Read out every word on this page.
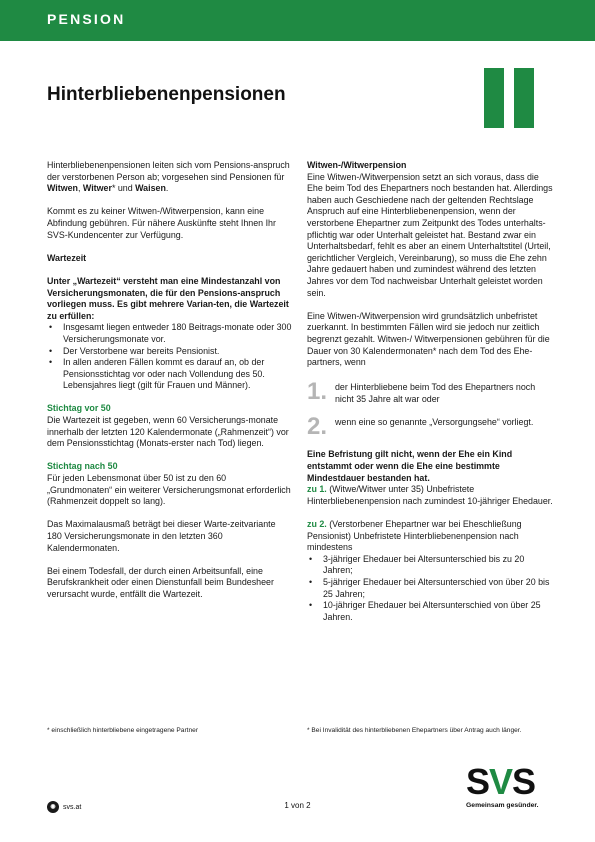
PENSION
Hinterbliebenenpensionen

Hinterbliebenenpensionen leiten sich vom Pensions-anspruch der verstorbenen Person ab; vorgesehen sind Pensionen für Witwen, Witwer* und Waisen.

Kommt es zu keiner Witwen-/Witwerpension, kann eine Abfindung gebühren. Für nähere Auskünfte steht Ihnen Ihr SVS-Kundencenter zur Verfügung.

Wartezeit

Unter „Wartezeit“ versteht man eine Mindestanzahl von Versicherungsmonaten, die für den Pensions-anspruch vorliegen muss. Es gibt mehrere Varian-ten, die Wartezeit zu erfüllen:
• Insgesamt liegen entweder 180 Beitrags-monate oder 300 Versicherungsmonate vor.
• Der Verstorbene war bereits Pensionist.
• In allen anderen Fällen kommt es darauf an, ob der Pensionsstichtag vor oder nach Vollendung des 50. Lebensjahres liegt (gilt für Frauen und Männer).
Stichtag vor 50

Die Wartezeit ist gegeben, wenn 60 Versicherungs-monate innerhalb der letzten 120 Kalendermonate („Rahmenzeit“) vor dem Pensionsstichtag (Monats-erster nach Tod) liegen.

Stichtag nach 50

Für jeden Lebensmonat über 50 ist zu den 60 „Grundmonaten“ ein weiterer Versicherungsmonat erforderlich (Rahmenzeit doppelt so lang).

Das Maximalausmaß beträgt bei dieser Warte-zeitvariante 180 Versicherungsmonate in den letzten 360 Kalendermonaten.

Bei einem Todesfall, der durch einen Arbeitsunfall, eine Berufskrankheit oder einen Dienstunfall beim Bundesheer verursacht wurde, entfällt die Wartezeit.

Witwen-/Witwerpension

Eine Witwen-/Witwerpension setzt an sich voraus, dass die Ehe beim Tod des Ehepartners noch bestanden hat. Allerdings haben auch Geschiedene nach der geltenden Rechtslage Anspruch auf eine Hinterbliebenenpension, wenn der verstorbene Ehepartner zum Zeitpunkt des Todes unterhalts-pflichtig war oder Unterhalt geleistet hat. Bestand zwar ein Unterhaltsbedarf, fehlt es aber an einem Unterhaltstitel (Urteil, gerichtlicher Vergleich, Vereinbarung), so muss die Ehe zehn Jahre gedauert haben und zumindest während des letzten Jahres vor dem Tod nachweisbar Unterhalt geleistet worden sein.

Eine Witwen-/Witwerpension wird grundsätzlich unbefristet zuerkannt. In bestimmten Fällen wird sie jedoch nur zeitlich begrenzt gezahlt. Witwen-/ Witwerpensionen gebühren für die Dauer von 30 Kalendermonaten* nach dem Tod des Ehe-partners, wenn

1. der Hinterbliebene beim Tod des Ehepartners noch nicht 35 Jahre alt war oder
2. wenn eine so genannte „Versorgungsehe“ vorliegt.
Eine Befristung gilt nicht, wenn der Ehe ein Kind entstammt oder wenn die Ehe eine bestimmte Mindestdauer bestanden hat.

zu 1. (Witwe/Witwer unter 35) Unbefristete Hinterbliebenenpension nach zumindest 10-jähriger Ehedauer.

zu 2. (Verstorbener Ehepartner war bei Eheschließung Pensionist) Unbefristete Hinterbliebenenpension nach mindestens
• 3-jähriger Ehedauer bei Altersunterschied bis zu 20 Jahren;
• 5-jähriger Ehedauer bei Altersunterschied von über 20 bis 25 Jahren;
• 10-jähriger Ehedauer bei Altersunterschied von über 25 Jahren.
* einschließlich hinterbliebene eingetragene Partner	* Bei Invalidität des hinterbliebenen Ehepartners über Antrag auch länger.
SVS
Gemeinsam gesünder.
◉	svs.at	1 von 2
